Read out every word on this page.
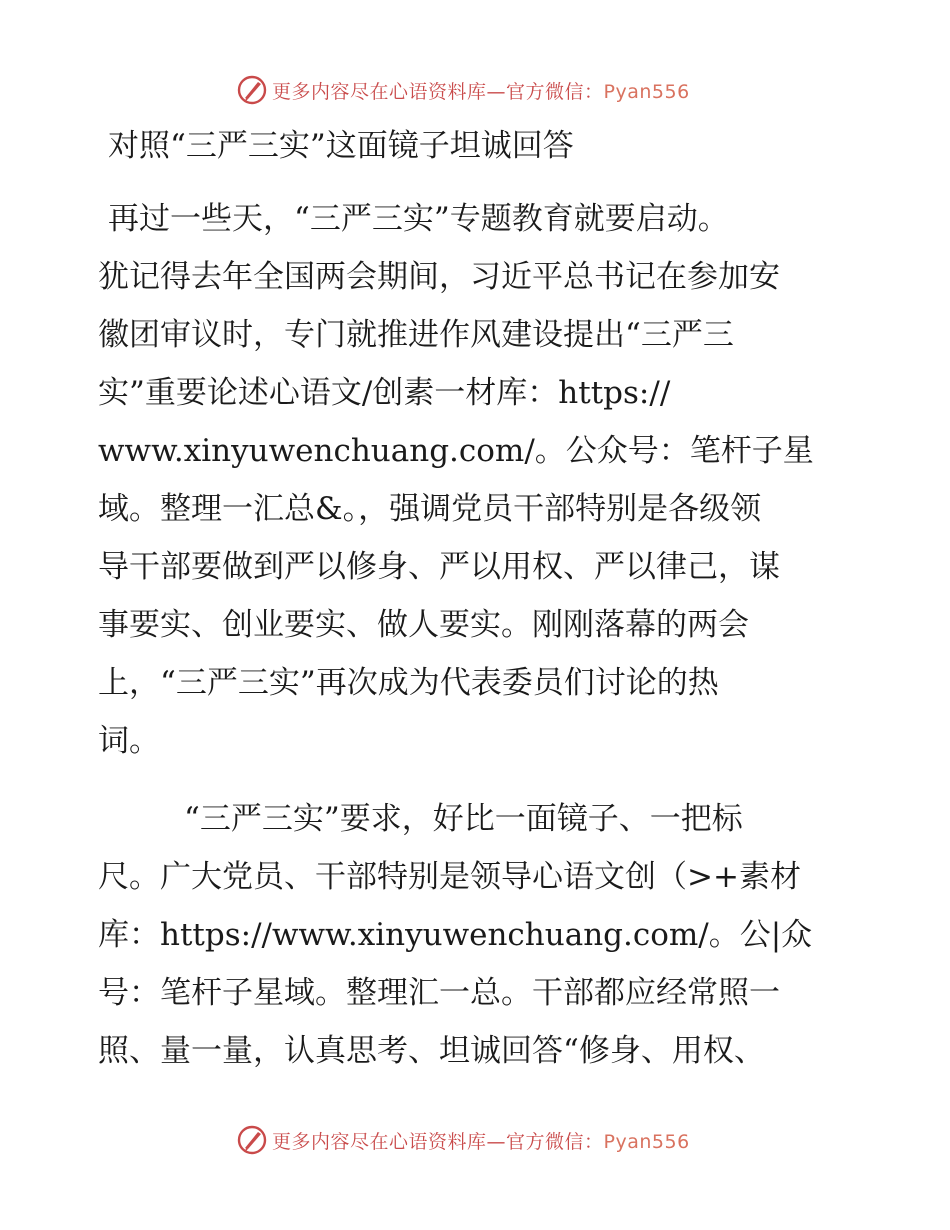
更多内容尽在心语资料库—官方微信：Pyan556
对照“三严三实”这面镜子坦诚回答
再过一些天，“三严三实”专题教育就要启动。
犹记得去年全国两会期间，习近平总书记在参加安
徽团审议时，专门就推进作风建设提出“三严三
实”重要论述心语文/创素一材库：https://
www.xinyuwenchuang.com/。公众号：笔杆子星
域。整理一汇总&。，强调党员干部特别是各级领
导干部要做到严以修身、严以用权、严以律己，谋
事要实、创业要实、做人要实。刚刚落幕的两会
上，“三严三实”再次成为代表委员们讨论的热
词。
“三严三实”要求，好比一面镜子、一把标
尺。广大党员、干部特别是领导心语文创（>+素材
库：https://www.xinyuwenchuang.com/。公|众
号：笔杆子星域。整理汇一总。干部都应经常照一
照、量一量，认真思考、坦诚回答“修身、用权、
更多内容尽在心语资料库—官方微信：Pyan556
